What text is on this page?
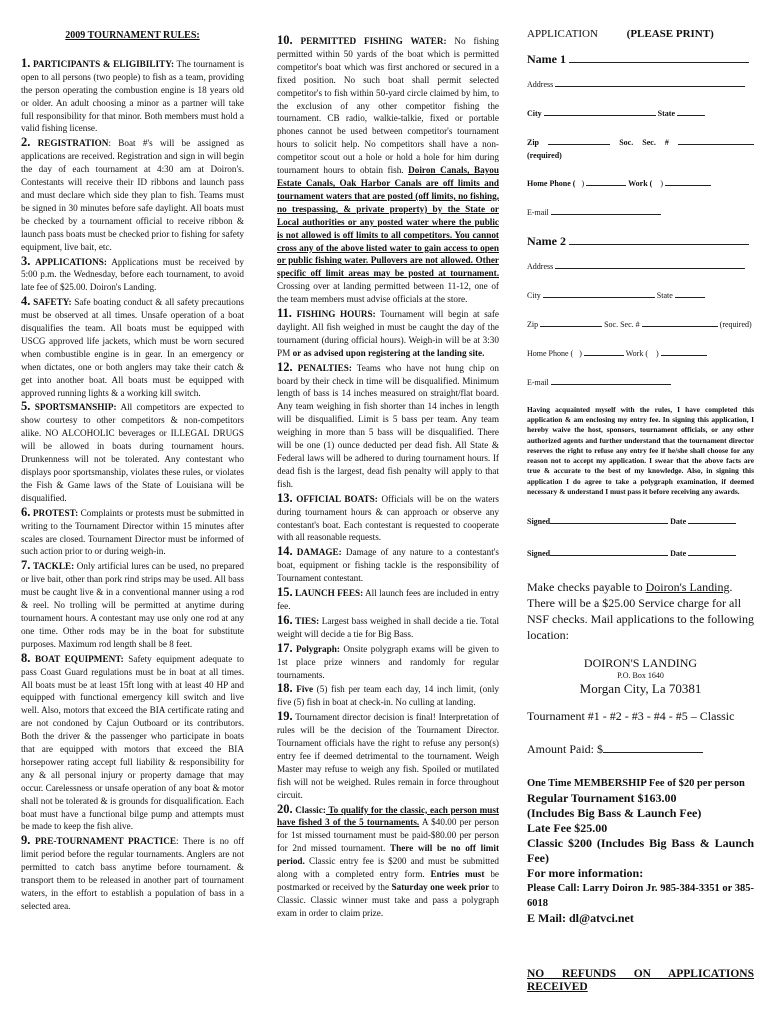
2009 TOURNAMENT RULES:

1. PARTICIPANTS & ELIGIBILITY: The tournament is open to all persons (two people) to fish as a team, providing the person operating the combustion engine is 18 years old or older. An adult choosing a minor as a partner will take full responsibility for that minor. Both members must hold a valid fishing license.

2. REGISTRATION: Boat #'s will be assigned as applications are received. Registration and sign in will begin the day of each tournament at 4:30 am at Doiron's. Contestants will receive their ID ribbons and launch pass and must declare which side they plan to fish. Teams must be signed in 30 minutes before safe daylight. All boats must be checked by a tournament official to receive ribbon & launch pass boats must be checked prior to fishing for safety equipment, live bait, etc.

3. APPLICATIONS: Applications must be received by 5:00 p.m. the Wednesday, before each tournament, to avoid late fee of $25.00. Doiron's Landing.

4. SAFETY: Safe boating conduct & all safety precautions must be observed at all times. Unsafe operation of a boat disqualifies the team. All boats must be equipped with USCG approved life jackets, which must be worn secured when combustible engine is in gear. In an emergency or when dictates, one or both anglers may take their catch & get into another boat. All boats must be equipped with approved running lights & a working kill switch.

5. SPORTSMANSHIP: All competitors are expected to show courtesy to other competitors & non-competitors alike. NO ALCOHOLIC beverages or ILLEGAL DRUGS will be allowed in boats during tournament hours. Drunkenness will not be tolerated. Any contestant who displays poor sportsmanship, violates these rules, or violates the Fish & Game laws of the State of Louisiana will be disqualified.

6. PROTEST: Complaints or protests must be submitted in writing to the Tournament Director within 15 minutes after scales are closed. Tournament Director must be informed of such action prior to or during weigh-in.

7. TACKLE: Only artificial lures can be used, no prepared or live bait, other than pork rind strips may be used. All bass must be caught live & in a conventional manner using a rod & reel. No trolling will be permitted at anytime during tournament hours. A contestant may use only one rod at any one time. Other rods may be in the boat for substitute purposes. Maximum rod length shall be 8 feet.

8. BOAT EQUIPMENT: Safety equipment adequate to pass Coast Guard regulations must be in boat at all times. All boats must be at least 15ft long with at least 40 HP and equipped with functional emergency kill switch and live well. Also, motors that exceed the BIA certificate rating and are not condoned by Cajun Outboard or its contributors. Both the driver & the passenger who participate in boats that are equipped with motors that exceed the BIA horsepower rating accept full liability & responsibility for any & all personal injury or property damage that may occur. Carelessness or unsafe operation of any boat & motor shall not be tolerated & is grounds for disqualification. Each boat must have a functional bilge pump and attempts must be made to keep the fish alive.

9. PRE-TOURNAMENT PRACTICE: There is no off limit period before the regular tournaments. Anglers are not permitted to catch bass anytime before tournament. & transport them to be released in another part of tournament waters, in the effort to establish a population of bass in a selected area.

10. PERMITTED FISHING WATER: No fishing permitted within 50 yards of the boat which is permitted competitor's boat which was first anchored or secured in a fixed position. No such boat shall permit selected competitor's to fish within 50-yard circle claimed by him, to the exclusion of any other competitor fishing the tournament. CB radio, walkie-talkie, fixed or portable phones cannot be used between competitor's tournament hours to solicit help. No competitors shall have a non-competitor scout out a hole or hold a hole for him during tournament hours to obtain fish. Doiron Canals, Bayou Estate Canals, Oak Harbor Canals are off limits and tournament waters that are posted (off limits, no fishing, no trespassing, & private property) by the State or Local authorities or any posted water where the public is not allowed is off limits to all competitors. You cannot cross any of the above listed water to gain access to open or public fishing water. Pullovers are not allowed. Other specific off limit areas may be posted at tournament. Crossing over at landing permitted between 11-12, one of the team members must advise officials at the store.

11. FISHING HOURS: Tournament will begin at safe daylight. All fish weighed in must be caught the day of the tournament (during official hours). Weigh-in will be at 3:30 PM or as advised upon registering at the landing site.

12. PENALTIES: Teams who have not hung chip on board by their check in time will be disqualified. Minimum length of bass is 14 inches measured on straight/flat board. Any team weighing in fish shorter than 14 inches in length will be disqualified. Limit is 5 bass per team. Any team weighing in more than 5 bass will be disqualified. There will be one (1) ounce deducted per dead fish. All State & Federal laws will be adhered to during tournament hours. If dead fish is the largest, dead fish penalty will apply to that fish.

13. OFFICIAL BOATS: Officials will be on the waters during tournament hours & can approach or observe any contestant's boat. Each contestant is requested to cooperate with all reasonable requests.

14. DAMAGE: Damage of any nature to a contestant's boat, equipment or fishing tackle is the responsibility of Tournament contestant.

15. LAUNCH FEES: All launch fees are included in entry fee.

16. TIES: Largest bass weighed in shall decide a tie. Total weight will decide a tie for Big Bass.

17. Polygraph: Onsite polygraph exams will be given to 1st place prize winners and randomly for regular tournaments.

18. Five (5) fish per team each day, 14 inch limit, (only five (5) fish in boat at check-in. No culling at landing.

19. Tournament director decision is final! Interpretation of rules will be the decision of the Tournament Director. Tournament officials have the right to refuse any person(s) entry fee if deemed detrimental to the tournament. Weigh Master may refuse to weigh any fish. Spoiled or mutilated fish will not be weighed. Rules remain in force throughout circuit.

20. Classic: To qualify for the classic, each person must have fished 3 of the 5 tournaments. A $40.00 per person for 1st missed tournament must be paid-$80.00 per person for 2nd missed tournament. There will be no off limit period. Classic entry fee is $200 and must be submitted along with a completed entry form. Entries must be postmarked or received by the Saturday one week prior to Classic. Classic winner must take and pass a polygraph exam in order to claim prize.

APPLICATION	(PLEASE PRINT)
Name 1
Address
City	State
Zip	Soc. Sec. #  (required)
Home Phone (   )	Work (    )
E-mail
Name 2
Address
City	State
Zip	Soc. Sec. #	(required)
Home Phone (   )	Work (    )
E-mail
Having acquainted myself with the rules, I have completed this application & am enclosing my entry fee. In signing this application, I hereby waive the host, sponsors, tournament officials, or any other authorized agents and further understand that the tournament director reserves the right to refuse any entry fee if he/she shall choose for any reason not to accept my application. I swear that the above facts are true & accurate to the best of my knowledge. Also, in signing this application I do agree to take a polygraph examination, if deemed necessary & understand I must pass it before receiving any awards.
Signed	Date
Signed	Date
Make checks payable to Doiron's Landing. There will be a $25.00 Service charge for all NSF checks. Mail applications to the following location:
DOIRON'S LANDING
P.O. Box 1640
Morgan City, La 70381
Tournament #1 - #2 - #3 - #4 - #5 – Classic
Amount Paid: $
One Time MEMBERSHIP Fee of $20 per person
Regular Tournament $163.00
(Includes Big Bass & Launch Fee)
Late Fee $25.00
Classic $200 (Includes Big Bass & Launch Fee)
For more information:
Please Call: Larry Doiron Jr. 985-384-3351 or 385-6018
E Mail: dl@atvci.net
NO REFUNDS ON APPLICATIONS RECEIVED
